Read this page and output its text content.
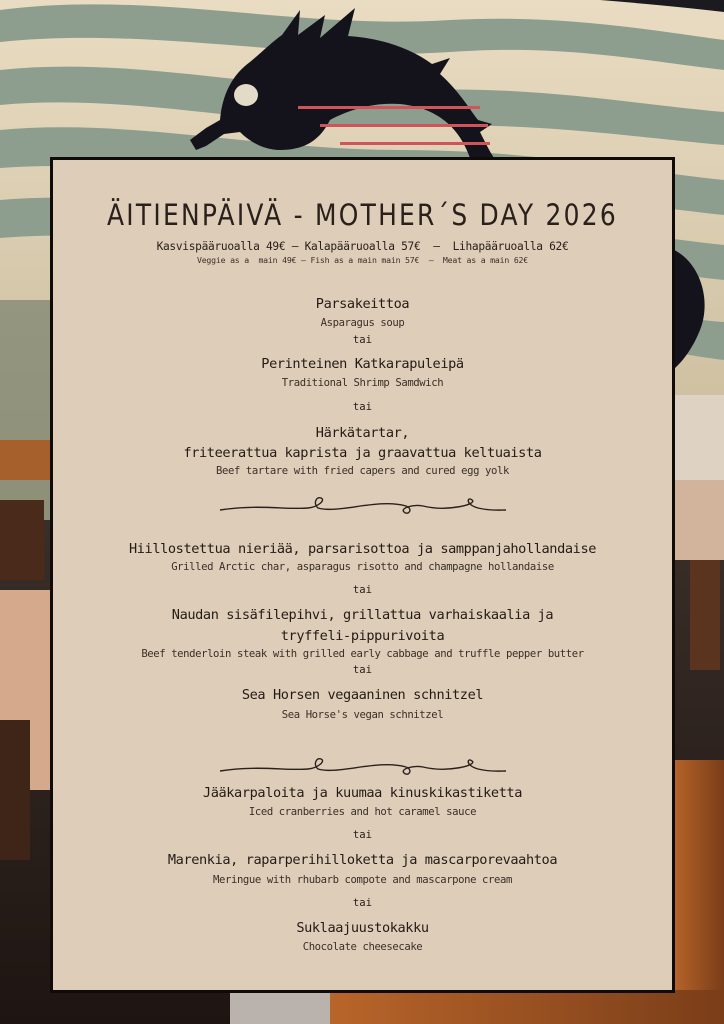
ÄITIENPÄIVÄ - MOTHER´S DAY 2026
Kasvispääruoalla 49€ – Kalapääruoalla 57€  –  Lihapääruoalla 62€
Veggie as a  main 49€ – Fish as a main main 57€  –  Meat as a main 62€
Parsakeittoa
Asparagus soup
tai
Perinteinen Katkarapuleipä
Traditional Shrimp Samdwich
tai
Härkätartar,
friteerattua kaprista ja graavattua keltuaista
Beef tartare with fried capers and cured egg yolk
Hiillostettua nieriää, parsarisottoa ja samppanjahollandaise
Grilled Arctic char, asparagus risotto and champagne hollandaise
tai
Naudan sisäfilepihvi, grillattua varhaiskaalia ja
tryffeli-pippurivoita
Beef tenderloin steak with grilled early cabbage and truffle pepper butter
tai
Sea Horsen vegaaninen schnitzel
Sea Horse's vegan schnitzel
Jääkarpaloita ja kuumaa kinuskikastiketta
Iced cranberries and hot caramel sauce
tai
Marenkia, raparperihilloketta ja mascarporevaahtoa
Meringue with rhubarb compote and mascarpone cream
tai
Suklaajuustokakku
Chocolate cheesecake
